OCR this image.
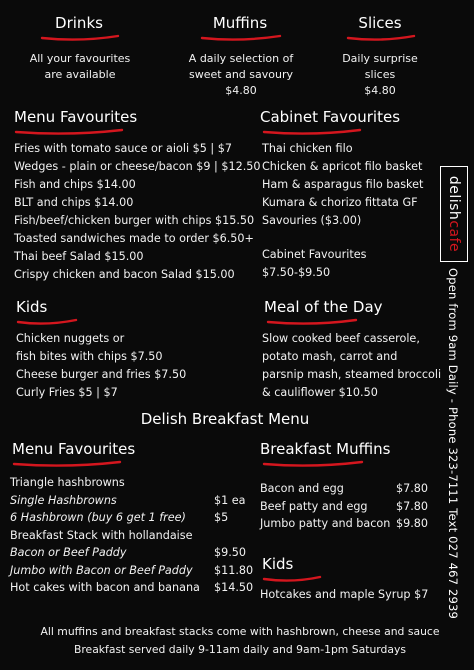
Drinks
All your favourites
are available
Muffins
A daily selection of
sweet and savoury
$4.80
Slices
Daily surprise
slices
$4.80
Menu Favourites
Fries with tomato sauce or aioli $5 | $7
Wedges - plain or cheese/bacon $9 | $12.50
Fish and chips $14.00
BLT and chips $14.00
Fish/beef/chicken burger with chips $15.50
Toasted sandwiches made to order $6.50+
Thai beef Salad $15.00
Crispy chicken and bacon Salad $15.00
Cabinet Favourites
Thai chicken filo
Chicken & apricot filo basket
Ham & asparagus filo basket
Kumara & chorizo fittata GF
Savouries ($3.00)
Cabinet Favourites
$7.50-$9.50
Kids
Chicken nuggets or
fish bites with chips $7.50
Cheese burger and fries $7.50
Curly Fries $5 | $7
Meal of the Day
Slow cooked beef casserole,
potato mash, carrot and
parsnip mash, steamed broccoli
& cauliflower $10.50
Delish Breakfast Menu
Menu Favourites
Triangle hashbrowns
Single Hashbrowns	$1 ea
6 Hashbrown (buy 6 get 1 free)	$5
Breakfast Stack with hollandaise
Bacon or Beef Paddy	$9.50
Jumbo with Bacon or Beef Paddy $11.80
Hot cakes with bacon and banana $14.50
Breakfast Muffins
Bacon and egg	$7.80
Beef patty and egg	$7.80
Jumbo patty and bacon $9.80
Kids
Hotcakes and maple Syrup $7
All muffins and breakfast stacks come with hashbrown, cheese and sauce
Breakfast served daily 9-11am daily and 9am-1pm Saturdays
delishcafe
Open from 9am Daily - Phone 323-7111 Text 027 467 2939
